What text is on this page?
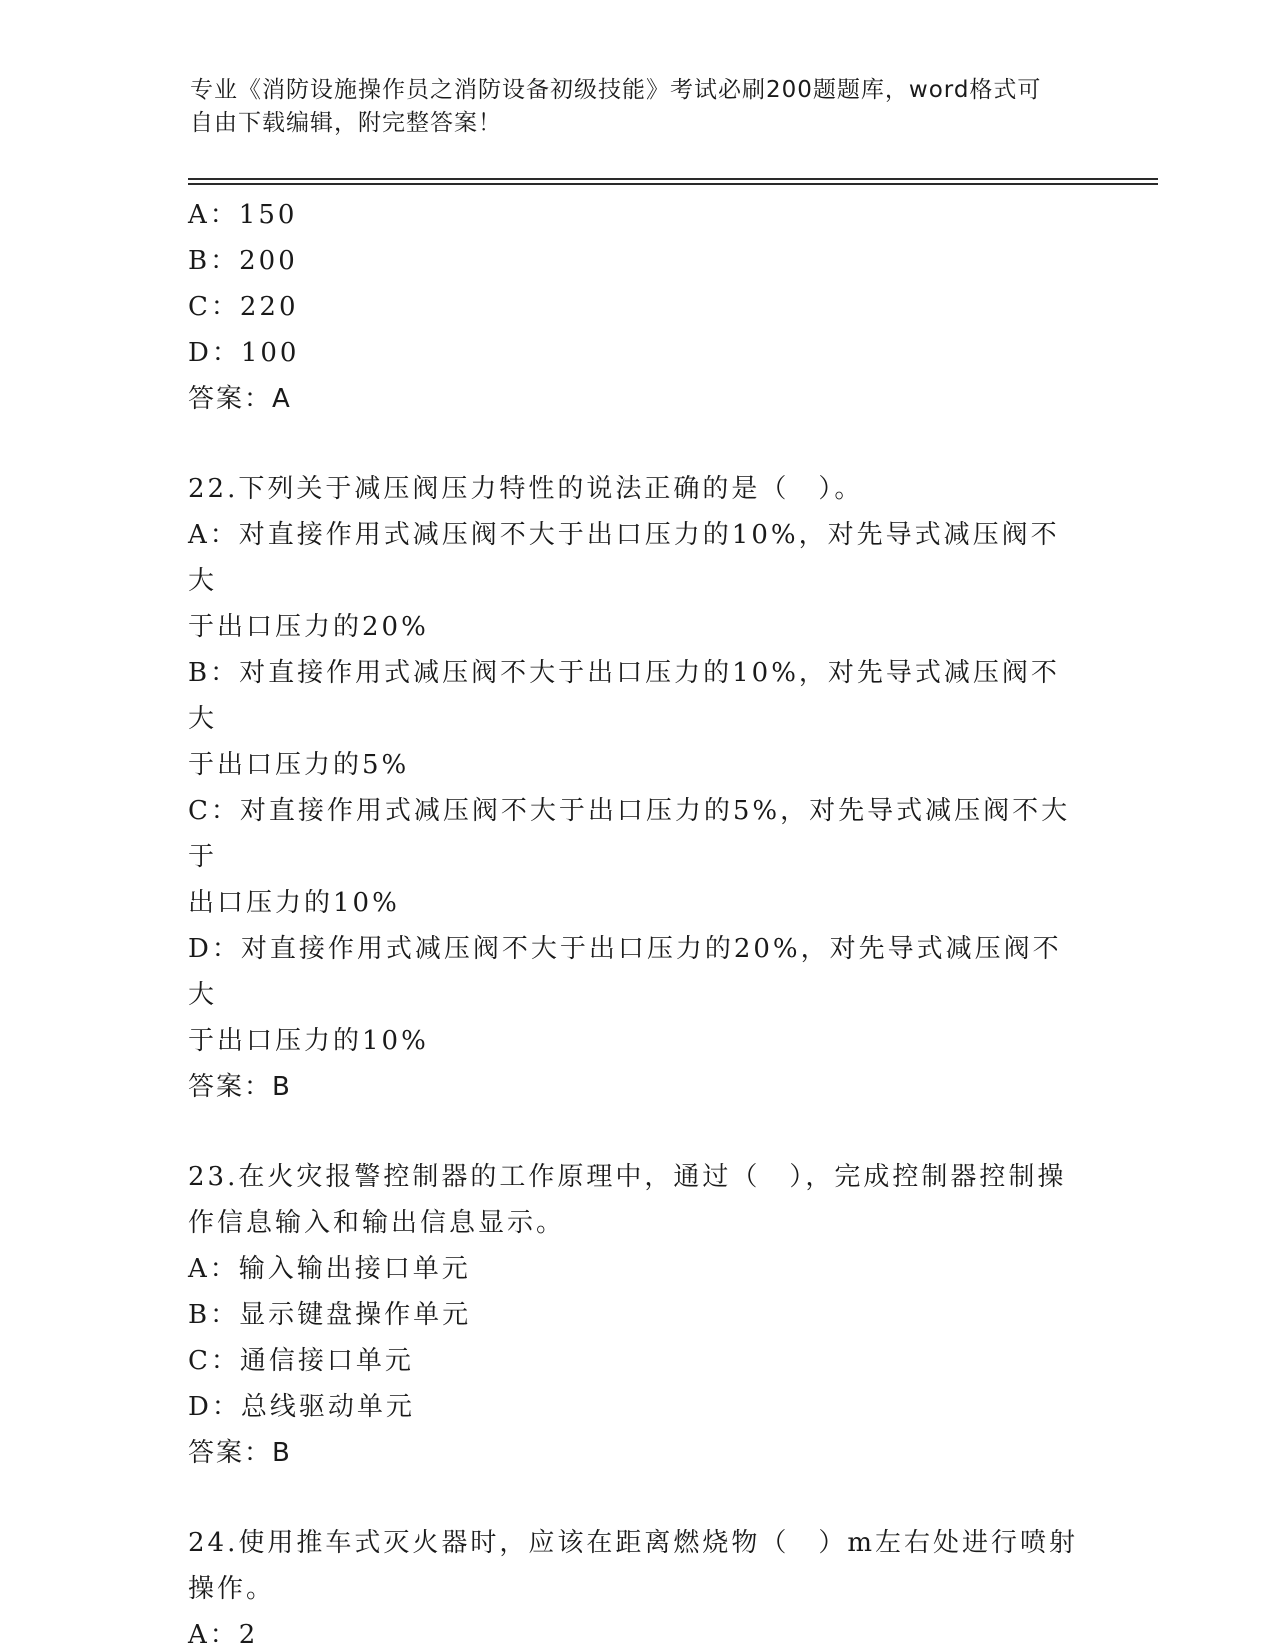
专业《消防设施操作员之消防设备初级技能》考试必刷200题题库，word格式可
自由下载编辑，附完整答案！
A：150
B：200
C：220
D：100
答案：A
22.下列关于减压阀压力特性的说法正确的是（　）。
A：对直接作用式减压阀不大于出口压力的10%，对先导式减压阀不大
于出口压力的20%
B：对直接作用式减压阀不大于出口压力的10%，对先导式减压阀不大
于出口压力的5%
C：对直接作用式减压阀不大于出口压力的5%，对先导式减压阀不大于
出口压力的10%
D：对直接作用式减压阀不大于出口压力的20%，对先导式减压阀不大
于出口压力的10%
答案：B
23.在火灾报警控制器的工作原理中，通过（　），完成控制器控制操
作信息输入和输出信息显示。
A：输入输出接口单元
B：显示键盘操作单元
C：通信接口单元
D：总线驱动单元
答案：B
24.使用推车式灭火器时，应该在距离燃烧物（　）m左右处进行喷射
操作。
A：2
